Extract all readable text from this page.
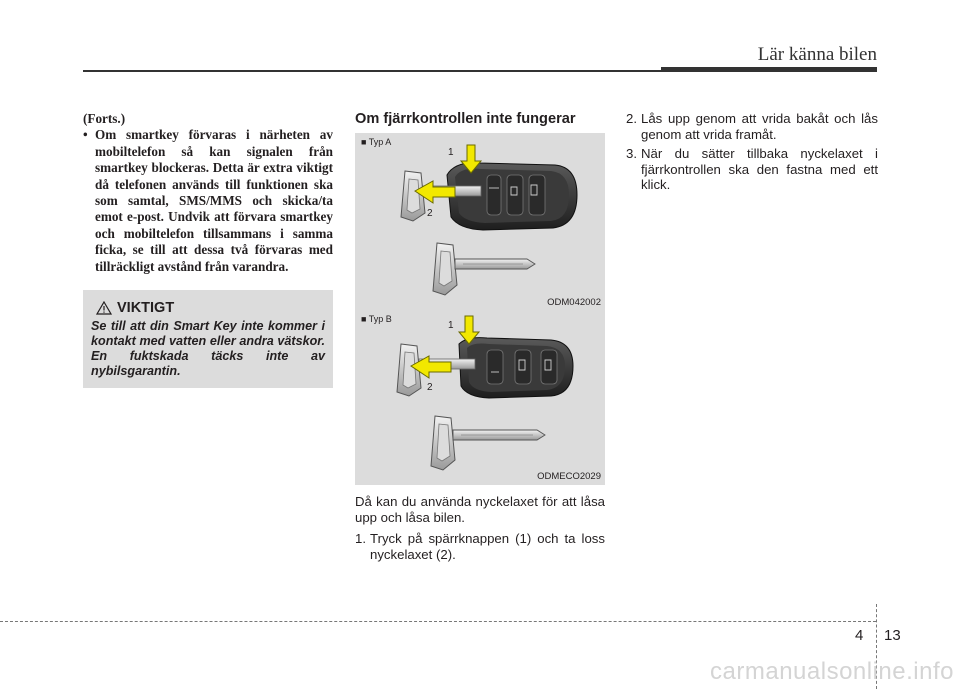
Lär känna bilen
(Forts.)
• Om smartkey förvaras i närheten av mobiltelefon så kan signalen från smartkey blockeras. Detta är extra viktigt då telefonen används till funktionen ska som samtal, SMS/MMS och skicka/ta emot e-post. Undvik att förvara smartkey och mobiltelefon tillsammans i samma ficka, se till att dessa två förvaras med tillräckligt avstånd från varandra.
VIKTIGT
Se till att din Smart Key inte kommer i kontakt med vatten eller andra vätskor. En fuktskada täcks inte av nybilsgarantin.
Om fjärrkontrollen inte fungerar
■ Typ A
1
2
ODM042002
■ Typ B
1
2
ODMECO2029

Då kan du använda nyckelaxet för att låsa upp och låsa bilen.

1. Tryck på spärrknappen (1) och ta loss nyckelaxet (2).
2. Lås upp genom att vrida bakåt och lås genom att vrida framåt.
3. När du sätter tillbaka nyckelaxet i fjärrkontrollen ska den fastna med ett klick.
4 13
carmanualsonline.info
